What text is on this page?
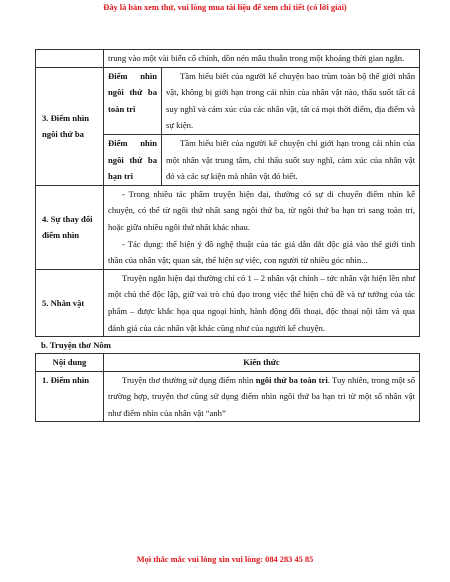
Đây là bản xem thử, vui lòng mua tài liệu để xem chi tiết (có lời giải)
	trung vào một vài biến cố chính, dồn nén mâu thuẫn trong một khoảng thời gian ngắn.	
3. Điểm nhìn ngôi thứ ba	Điểm nhìn ngôi thứ ba toàn tri	Tầm hiểu biết của người kể chuyện bao trùm toàn bộ thế giới nhân vật, không bị giới hạn trong cái nhìn của nhân vật nào, thấu suốt tất cả suy nghĩ và cảm xúc của các nhân vật, tất cả mọi thời điểm, địa điểm và sự kiện.
	Điểm nhìn ngôi thứ ba hạn tri	Tầm hiểu biết của người kể chuyện chỉ giới hạn trong cái nhìn của một nhân vật trung tâm, chỉ thấu suốt suy nghĩ, cảm xúc của nhân vật đó và các sự kiện mà nhân vật đó biết.
4. Sự thay đổi điểm nhìn	- Trong nhiều tác phẩm truyện hiện đại, thường có sự di chuyển điểm nhìn kể chuyện, có thể từ ngôi thứ nhất sang ngôi thứ ba, từ ngôi thứ ba hạn tri sang toàn tri, hoặc giữa nhiều ngôi thứ nhất khác nhau.

- Tác dụng: thể hiện ý đồ nghệ thuật của tác giả dẫn dắt độc giả vào thế giới tinh thần của nhân vật; quan sát, thể hiện sự việc, con người từ nhiều góc nhìn...	

5. Nhân vật	Truyện ngắn hiện đại thường chỉ có 1 – 2 nhân vật chính – tức nhân vật hiện lên như một chủ thể độc lập, giữ vai trò chủ đạo trong việc thể hiện chủ đề và tư tưởng của tác phẩm – được khắc họa qua ngoại hình, hành động đối thoại, độc thoại nội tâm và qua đánh giá của các nhân vật khác cũng như của người kể chuyện.	

b. Truyện thơ Nôm

Nội dung	Kiến thức
1. Điểm nhìn	Truyện thơ thường sử dụng điểm nhìn ngôi thứ ba toàn tri. Tuy nhiên, trong một số trường hợp, truyện thơ cũng sử dụng điểm nhìn ngôi thứ ba hạn tri từ một số nhân vật như điểm nhìn của nhân vật “anh”
Mọi thắc mắc vui lòng xin vui lòng: 084 283 45 85
